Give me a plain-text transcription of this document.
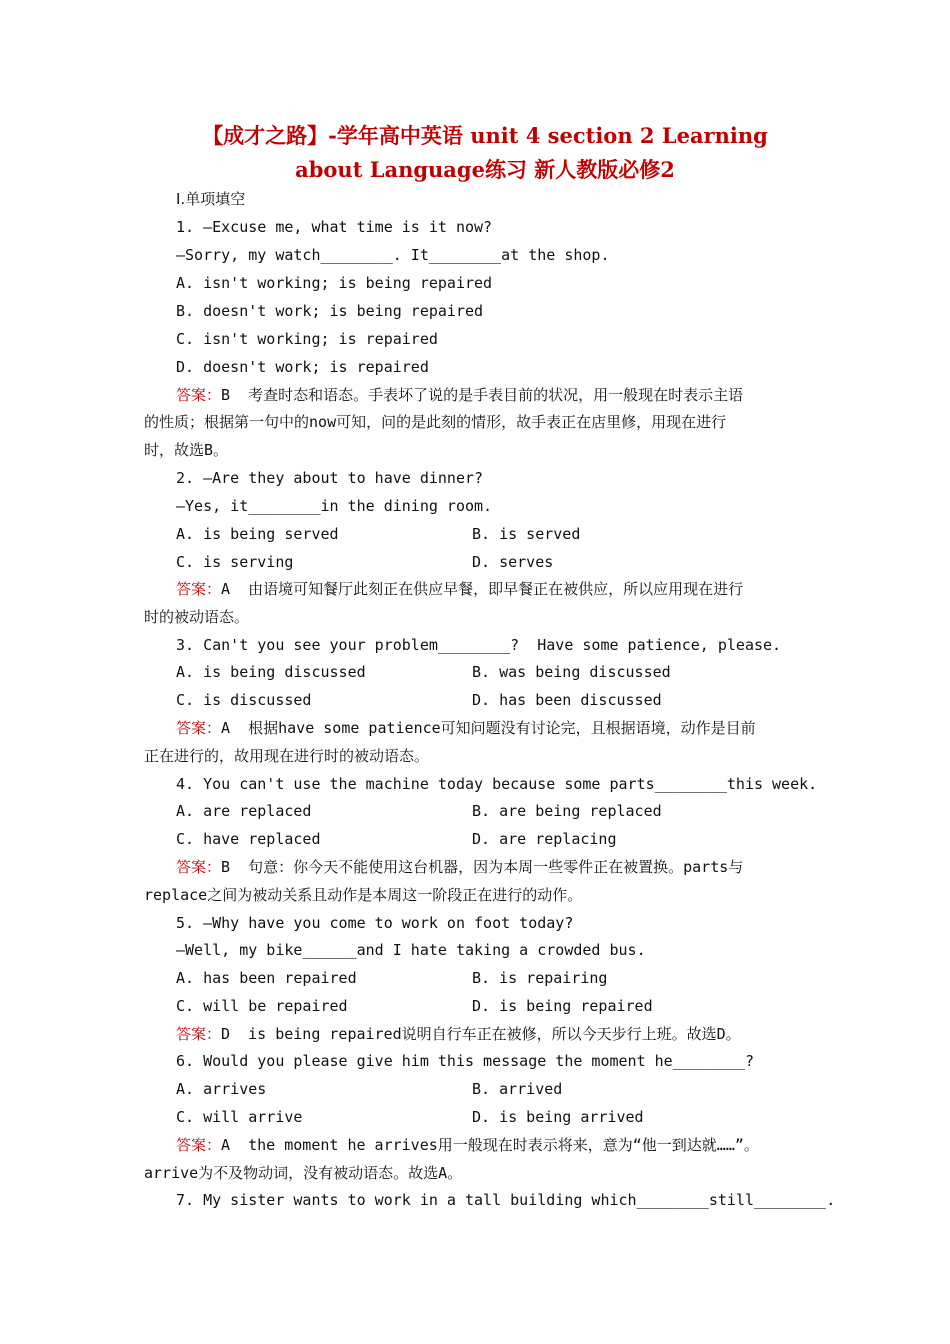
【成才之路】-学年高中英语 unit 4 section 2 Learning
about Language练习 新人教版必修2
Ⅰ.单项填空
1. —Excuse me, what time is it now?
—Sorry, my watch________. It________at the shop.
A. isn't working; is being repaired
B. doesn't work; is being repaired
C. isn't working; is repaired
D. doesn't work; is repaired
答案：B  考查时态和语态。手表坏了说的是手表目前的状况，用一般现在时表示主语
的性质；根据第一句中的now可知，问的是此刻的情形，故手表正在店里修，用现在进行
时，故选B。
2. —Are they about to have dinner?
—Yes, it________in the dining room.
A. is being served	B. is served
C. is serving	D. serves
答案：A  由语境可知餐厅此刻正在供应早餐，即早餐正在被供应，所以应用现在进行
时的被动语态。
3. Can't you see your problem________?  Have some patience, please.
A. is being discussed	B. was being discussed
C. is discussed	D. has been discussed
答案：A  根据have some patience可知问题没有讨论完，且根据语境，动作是目前
正在进行的，故用现在进行时的被动语态。
4. You can't use the machine today because some parts________this week.
A. are replaced	B. are being replaced
C. have replaced	D. are replacing
答案：B  句意：你今天不能使用这台机器，因为本周一些零件正在被置换。parts与
replace之间为被动关系且动作是本周这一阶段正在进行的动作。
5. —Why have you come to work on foot today?
—Well, my bike______and I hate taking a crowded bus.
A. has been repaired	B. is repairing
C. will be repaired	D. is being repaired
答案：D  is being repaired说明自行车正在被修，所以今天步行上班。故选D。
6. Would you please give him this message the moment he________?
A. arrives	B. arrived
C. will arrive	D. is being arrived
答案：A  the moment he arrives用一般现在时表示将来，意为“他一到达就……”。
arrive为不及物动词，没有被动语态。故选A。
7. My sister wants to work in a tall building which________still________.
